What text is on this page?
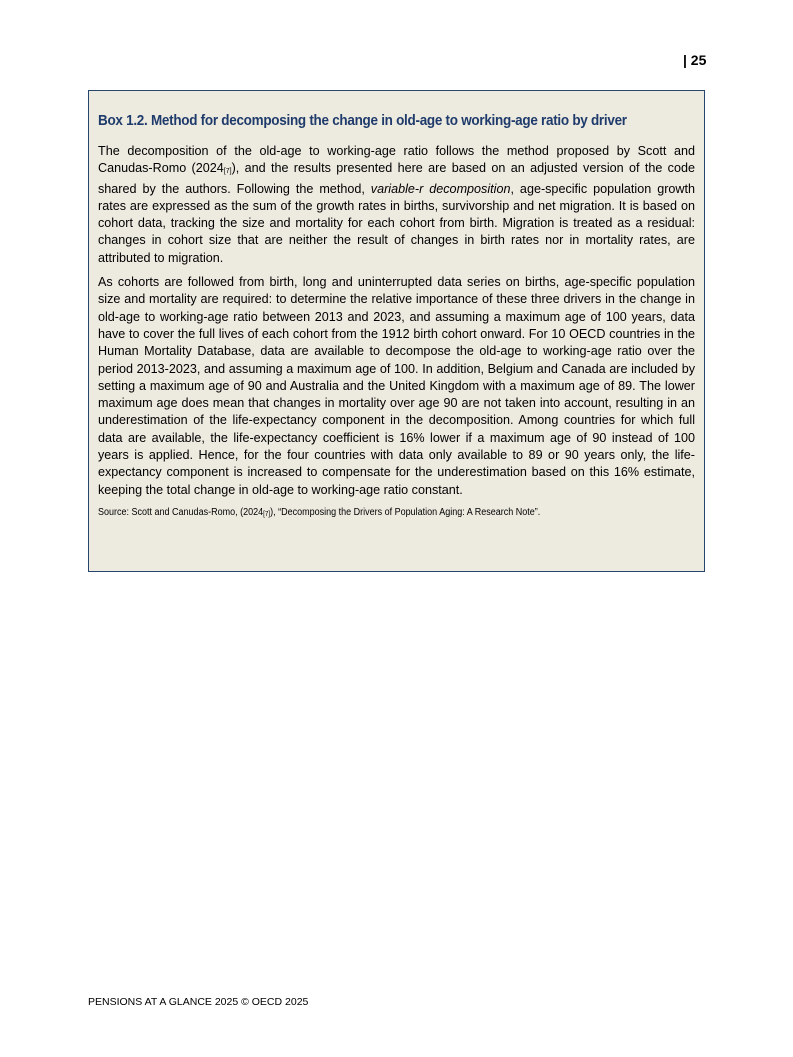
| 25
Box 1.2. Method for decomposing the change in old-age to working-age ratio by driver

The decomposition of the old-age to working-age ratio follows the method proposed by Scott and Canudas-Romo (2024[7]), and the results presented here are based on an adjusted version of the code shared by the authors. Following the method, variable-r decomposition, age-specific population growth rates are expressed as the sum of the growth rates in births, survivorship and net migration. It is based on cohort data, tracking the size and mortality for each cohort from birth. Migration is treated as a residual: changes in cohort size that are neither the result of changes in birth rates nor in mortality rates, are attributed to migration.

As cohorts are followed from birth, long and uninterrupted data series on births, age-specific population size and mortality are required: to determine the relative importance of these three drivers in the change in old-age to working-age ratio between 2013 and 2023, and assuming a maximum age of 100 years, data have to cover the full lives of each cohort from the 1912 birth cohort onward. For 10 OECD countries in the Human Mortality Database, data are available to decompose the old-age to working-age ratio over the period 2013-2023, and assuming a maximum age of 100. In addition, Belgium and Canada are included by setting a maximum age of 90 and Australia and the United Kingdom with a maximum age of 89. The lower maximum age does mean that changes in mortality over age 90 are not taken into account, resulting in an underestimation of the life-expectancy component in the decomposition. Among countries for which full data are available, the life-expectancy coefficient is 16% lower if a maximum age of 90 instead of 100 years is applied. Hence, for the four countries with data only available to 89 or 90 years only, the life-expectancy component is increased to compensate for the underestimation based on this 16% estimate, keeping the total change in old-age to working-age ratio constant.

Source: Scott and Canudas-Romo, (2024[7]), “Decomposing the Drivers of Population Aging: A Research Note”.
PENSIONS AT A GLANCE 2025 © OECD 2025
